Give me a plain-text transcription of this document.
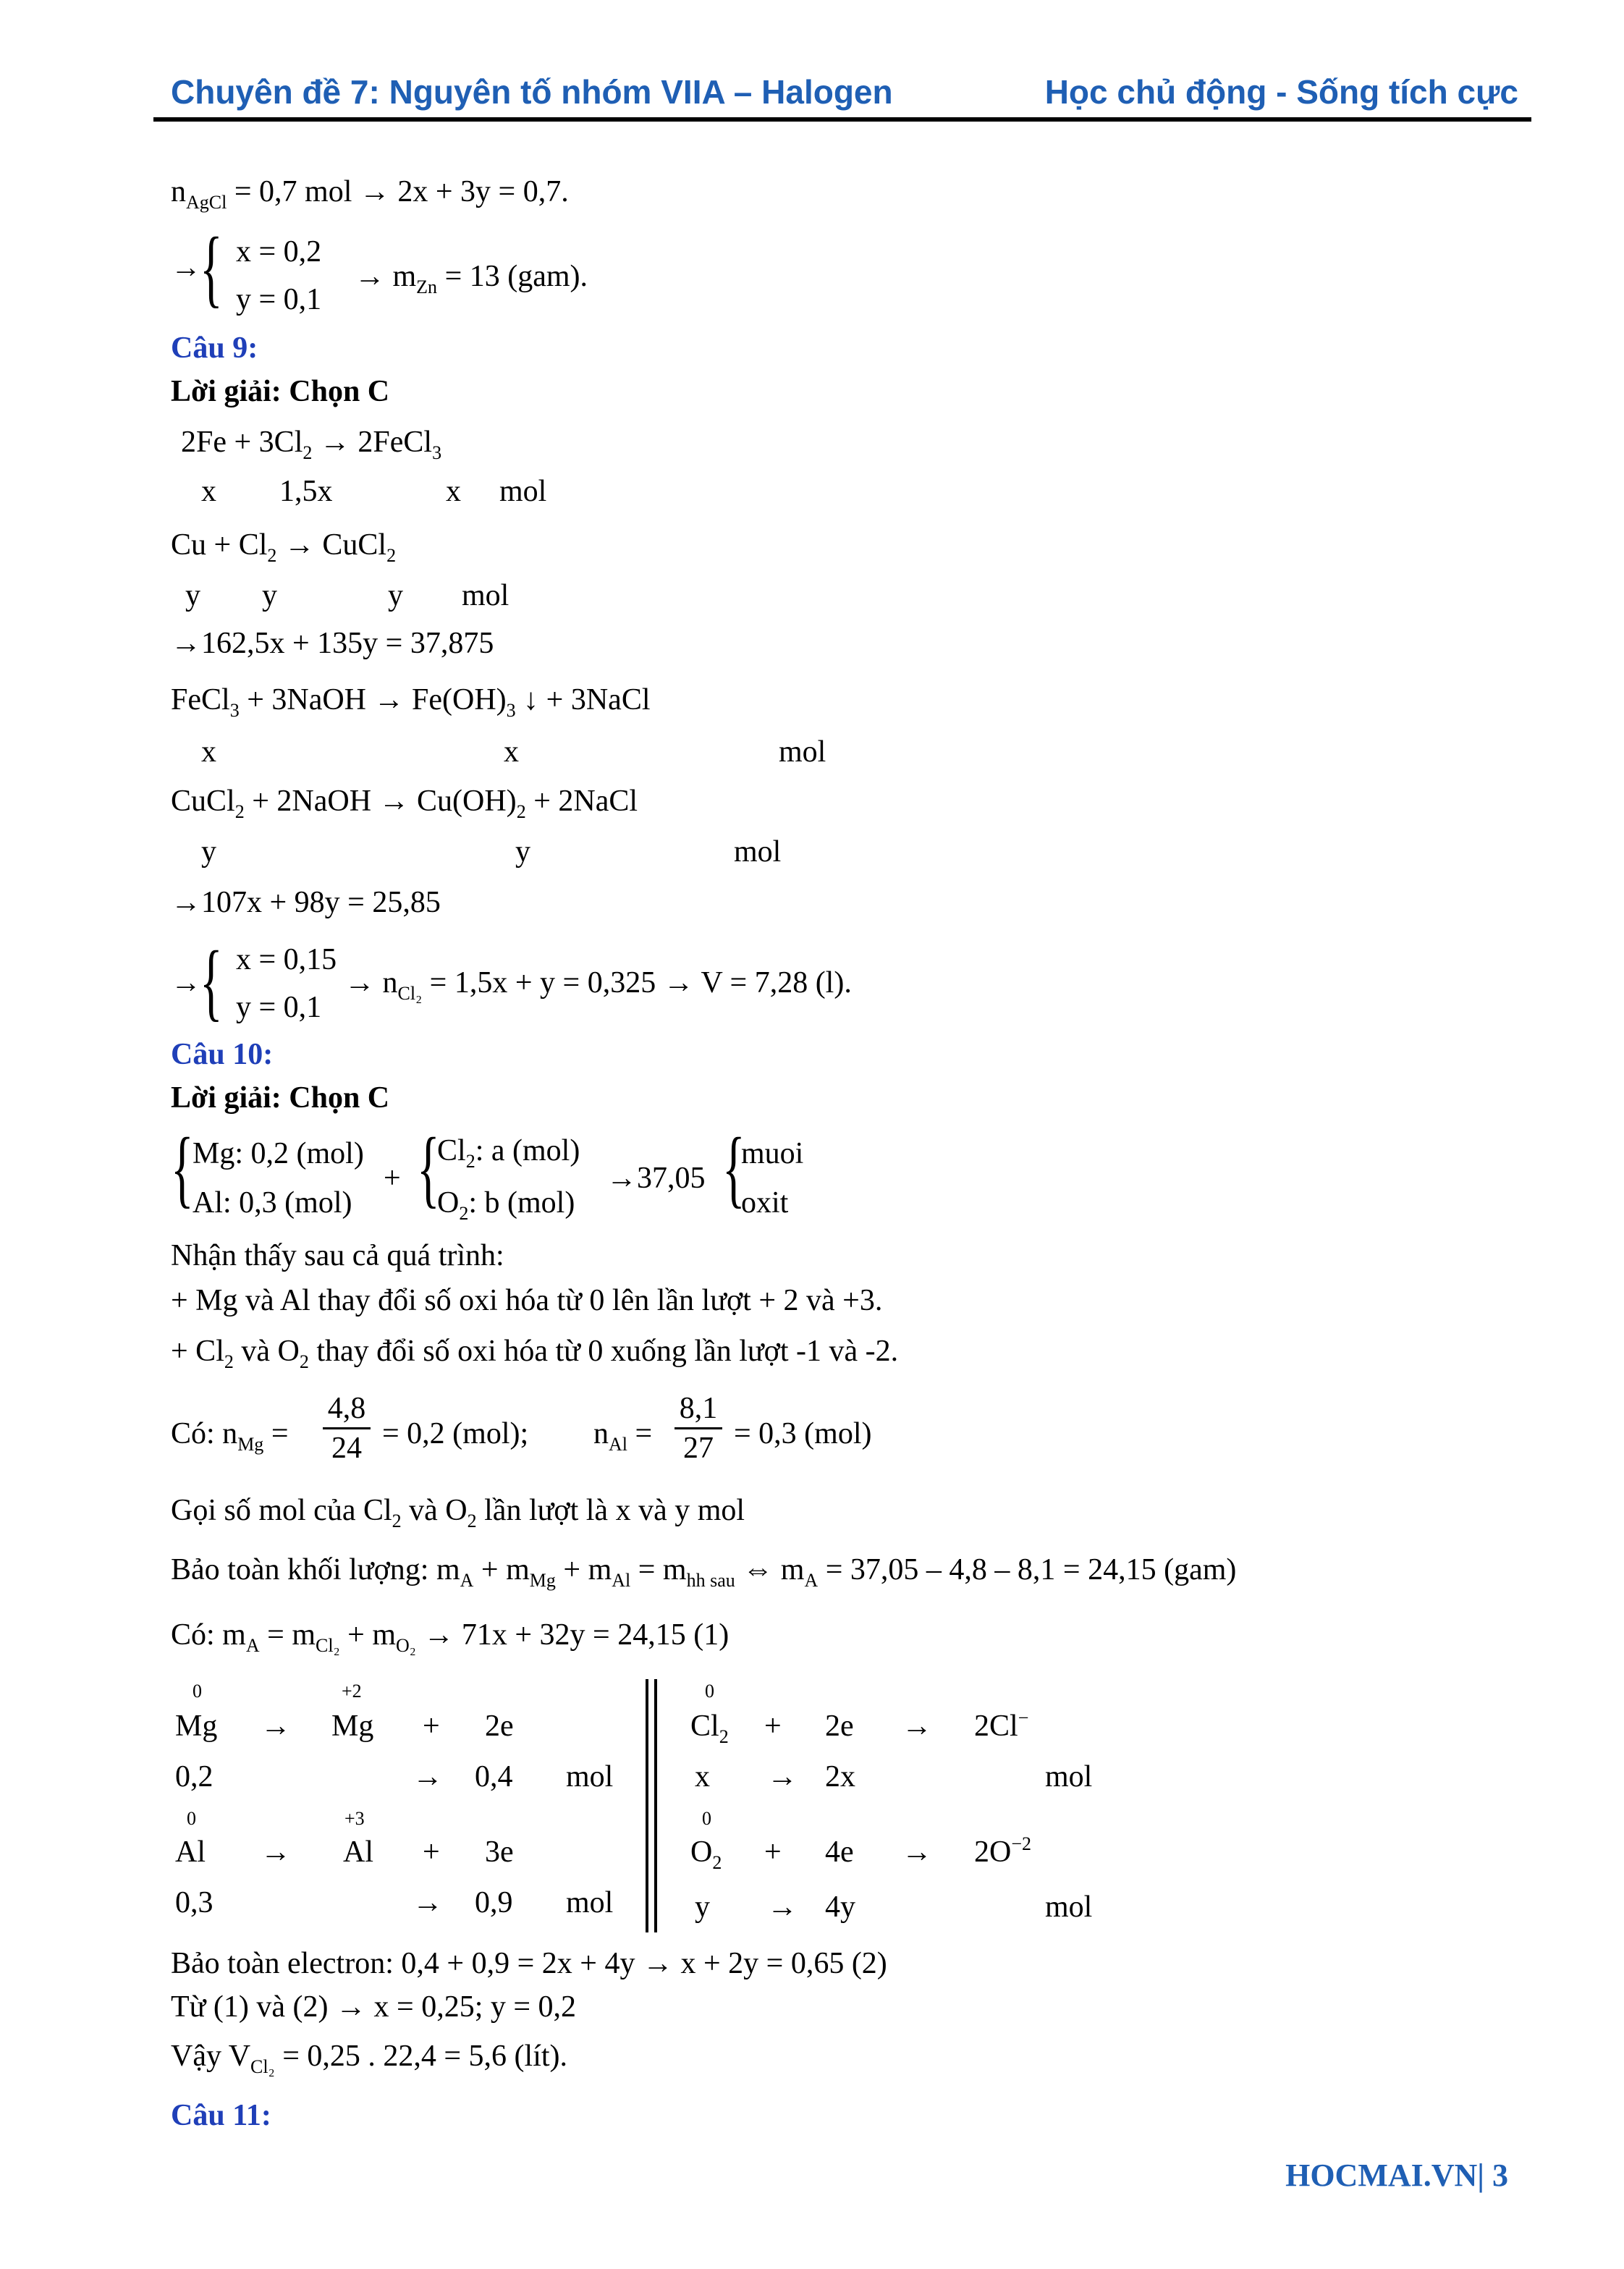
Chuyên đề 7: Nguyên tố nhóm VIIA – Halogen	Học chủ động - Sống tích cực
$n_{AgCl} = 0,7$ mol → 2x + 3y = 0,7.
→
{ x = 0,2
y = 0,1
→ $m_{Zn} = 13$ (gam).
Câu 9:
Lời giải: Chọn C
$2Fe + 3Cl_2$ → 2FeCl$_3$
x 1,5x	x mol
$Cu + Cl_2$ → CuCl$_2$
y y	y mol
→162,5x + 135y = 37,875
FeCl$_3$ + 3NaOH → $Fe(OH)_3$ ↓ + 3NaCl
x	x	mol
CuCl$_2$ + 2NaOH → $Cu(OH)_2$ + 2NaCl
y	y	mol
→107x + 98y = 25,85
→
{ x = 0,15
y = 0,1
→ $n_{Cl_2} = 1,5x + y = 0,325 \to V = 7,28$ (l).
Câu 10:
Lời giải: Chọn C
{
Mg: 0,2 (mol)
Al: 0,3 (mol)
+ {
$Cl_2$: a (mol)
$O_2$: b (mol)
→37,05 {
muoi
oxit
Nhận thấy sau cả quá trình:
+ Mg và Al thay đổi số oxi hóa từ 0 lên lần lượt + 2 và +3.
+ $Cl_2$ và $O_2$ thay đổi số oxi hóa từ 0 xuống lần lượt -1 và -2.
Có: $n_{Mg}$ =
4,8
24 = 0,2 (mol); $n_{Al}$ =
8,1
27 = 0,3 (mol)
Gọi số mol của $Cl_2$ và $O_2$ lần lượt là x và y mol
Bảo toàn khối lượng: $m_A + m_{Mg} + m_{Al} = m_{hh sau}$ ⇔ $m_A = 37,05 - 4,8 - 8,1 = 24,15$ (gam)
Có: $m_A = m_{Cl_2} + m_{O_2} \to 71x + 32y = 24,15$ (1)
0	+2
Mg → Mg + 2e
0,2	→ 0,4 mol
0	+3
Al → Al + 3e
0,3	→ 0,9 mol
0
$Cl_2 + 2e \to 2Cl^-$
x → 2x	mol
0
$O_2 + 4e \to 2O^{-2}$
y → 4y	mol
Bảo toàn electron: 0,4 + 0,9 = 2x + 4y → x + 2y = 0,65 (2)
Từ (1) và (2) → x = 0,25; y = 0,2
Vậy $V_{Cl_2} = 0,25$ . 22,4 = 5,6 (lít).
Câu 11:
HOCMAI.VN| 3
